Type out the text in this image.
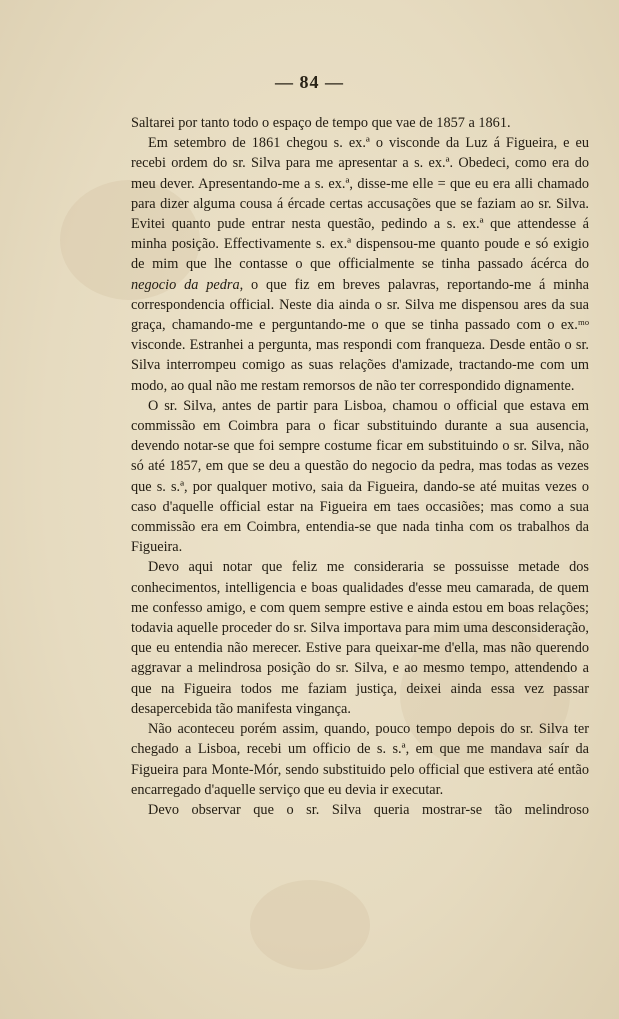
— 84 —

Saltarei por tanto todo o espaço de tempo que vae de 1857 a 1861.

Em setembro de 1861 chegou s. ex.ª o visconde da Luz á Figueira, e eu recebi ordem do sr. Silva para me apresentar a s. ex.ª. Obedeci, como era do meu dever. Apresentando-me a s. ex.ª, disse-me elle = que eu era alli chamado para dizer alguma cousa á ércade certas accusações que se faziam ao sr. Silva. Evitei quanto pude entrar nesta questão, pedindo a s. ex.ª que attendesse á minha posição. Effectivamente s. ex.ª dispensou-me quanto poude e só exigio de mim que lhe contasse o que officialmente se tinha passado ácérca do negocio da pedra, o que fiz em breves palavras, reportando-me á minha correspondencia official. Neste dia ainda o sr. Silva me dispensou ares da sua graça, chamando-me e perguntando-me o que se tinha passado com o ex.ᵐᵒ visconde. Estranhei a pergunta, mas respondi com franqueza. Desde então o sr. Silva interrompeu comigo as suas relações d'amizade, tractando-me com um modo, ao qual não me restam remorsos de não ter correspondido dignamente.

O sr. Silva, antes de partir para Lisboa, chamou o official que estava em commissão em Coimbra para o ficar substituindo durante a sua ausencia, devendo notar-se que foi sempre costume ficar em substituindo o sr. Silva, não só até 1857, em que se deu a questão do negocio da pedra, mas todas as vezes que s. s.ª, por qualquer motivo, saia da Figueira, dando-se até muitas vezes o caso d'aquelle official estar na Figueira em taes occasiões; mas como a sua commissão era em Coimbra, entendia-se que nada tinha com os trabalhos da Figueira.

Devo aqui notar que feliz me consideraria se possuisse metade dos conhecimentos, intelligencia e boas qualidades d'esse meu camarada, de quem me confesso amigo, e com quem sempre estive e ainda estou em boas relações; todavia aquelle proceder do sr. Silva importava para mim uma desconsideração, que eu entendia não merecer. Estive para queixar-me d'ella, mas não querendo aggravar a melindrosa posição do sr. Silva, e ao mesmo tempo, attendendo a que na Figueira todos me faziam justiça, deixei ainda essa vez passar desapercebida tão manifesta vingança.

Não aconteceu porém assim, quando, pouco tempo depois do sr. Silva ter chegado a Lisboa, recebi um officio de s. s.ª, em que me mandava saír da Figueira para Monte-Mór, sendo substituido pelo official que estivera até então encarregado d'aquelle serviço que eu devia ir executar.

Devo observar que o sr. Silva queria mostrar-se tão melindroso
